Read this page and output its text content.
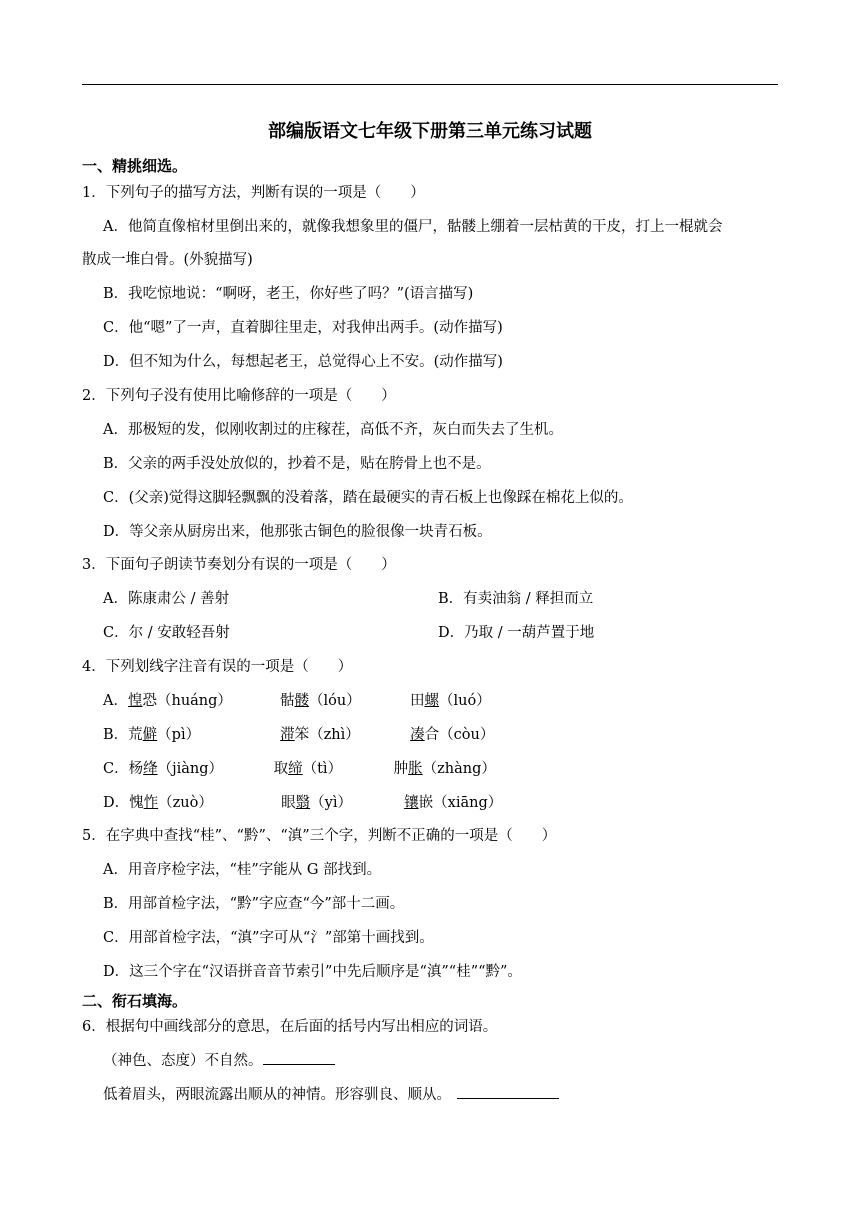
部编版语文七年级下册第三单元练习试题
一、精挑细选。
1．下列句子的描写方法，判断有误的一项是（　　）
A．他简直像棺材里倒出来的，就像我想象里的僵尸，骷髅上绷着一层枯黄的干皮，打上一棍就会
散成一堆白骨。(外貌描写)
B．我吃惊地说：“啊呀，老王，你好些了吗？”(语言描写)
C．他“嗯”了一声，直着脚往里走，对我伸出两手。(动作描写)
D．但不知为什么，每想起老王，总觉得心上不安。(动作描写)
2．下列句子没有使用比喻修辞的一项是（　　）
A．那极短的发，似刚收割过的庄稼茬，高低不齐，灰白而失去了生机。
B．父亲的两手没处放似的，抄着不是，贴在胯骨上也不是。
C．(父亲)觉得这脚轻飘飘的没着落，踏在最硬实的青石板上也像踩在棉花上似的。
D．等父亲从厨房出来，他那张古铜色的脸很像一块青石板。
3．下面句子朗读节奏划分有误的一项是（　　）
A．陈康肃公 / 善射	B．有卖油翁 / 释担而立
C．尔 / 安敢轻吾射	D．乃取 / 一葫芦置于地
4．下列划线字注音有误的一项是（　　）
A．惶恐（huáng）	骷髅（lóu）	田螺（luó）
B．荒僻（pì）	滞笨（zhì）	凑合（còu）
C．杨绛（jiàng）	取缔（tì）	肿胀（zhàng）
D．愧怍（zuò）	眼翳（yì）	镶嵌（xiāng）
5．在字典中查找“桂”、“黔”、“滇”三个字，判断不正确的一项是（　　）
A．用音序检字法，“桂”字能从 G 部找到。
B．用部首检字法，“黔”字应查“今”部十二画。
C．用部首检字法，“滇”字可从“氵”部第十画找到。
D．这三个字在“汉语拼音音节索引”中先后顺序是“滇”“桂”“黔”。
二、衔石填海。
6．根据句中画线部分的意思，在后面的括号内写出相应的词语。
（神色、态度）不自然。
低着眉头，两眼流露出顺从的神情。形容驯良、顺从。
